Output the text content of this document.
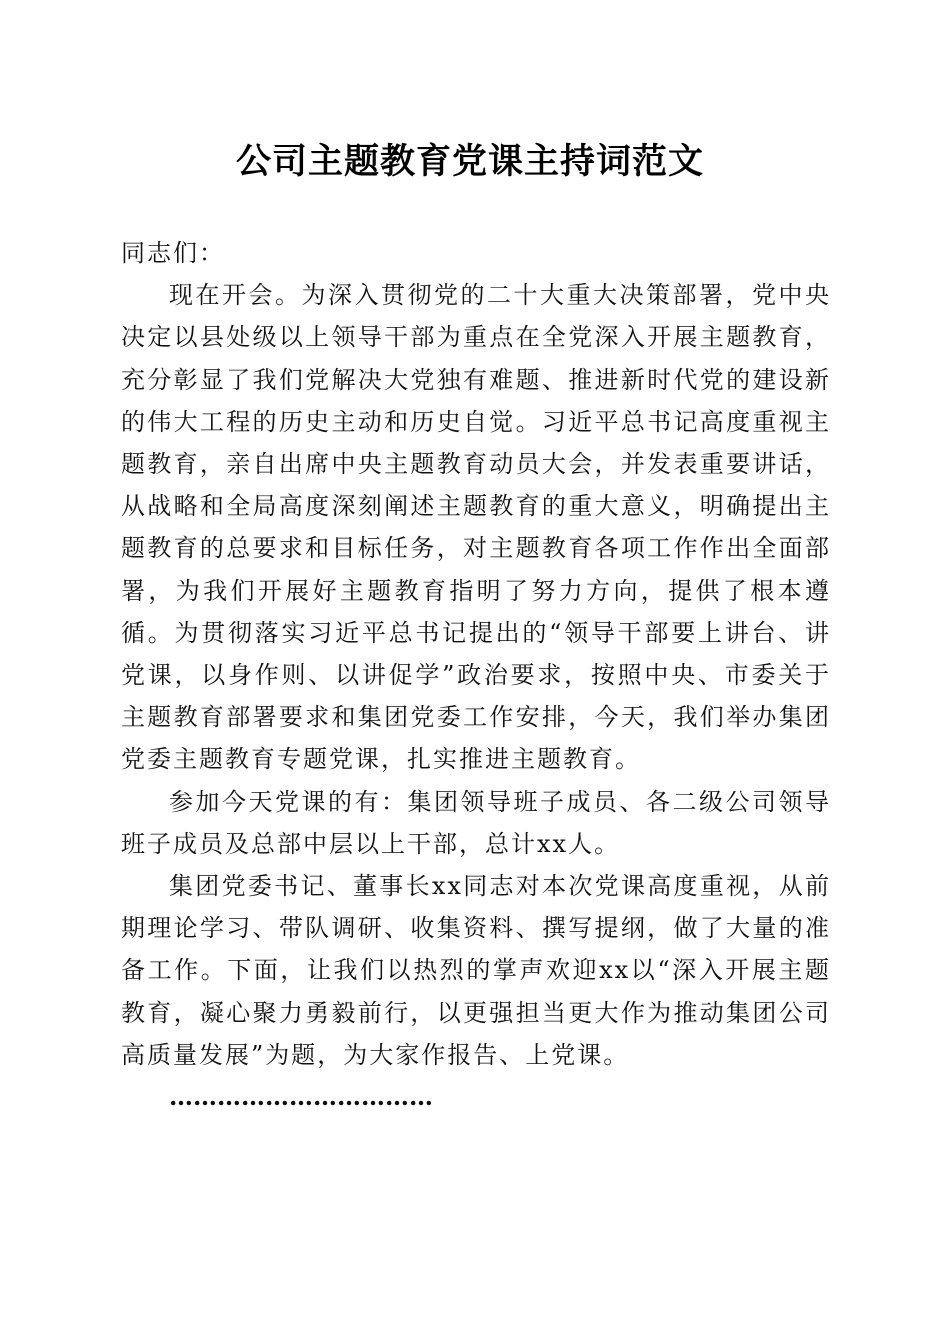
公司主题教育党课主持词范文

同志们：

现在开会。为深入贯彻党的二十大重大决策部署，党中央决定以县处级以上领导干部为重点在全党深入开展主题教育，充分彰显了我们党解决大党独有难题、推进新时代党的建设新的伟大工程的历史主动和历史自觉。习近平总书记高度重视主题教育，亲自出席中央主题教育动员大会，并发表重要讲话，从战略和全局高度深刻阐述主题教育的重大意义，明确提出主题教育的总要求和目标任务，对主题教育各项工作作出全面部署，为我们开展好主题教育指明了努力方向，提供了根本遵循。为贯彻落实习近平总书记提出的“领导干部要上讲台、讲党课，以身作则、以讲促学”政治要求，按照中央、市委关于主题教育部署要求和集团党委工作安排，今天，我们举办集团党委主题教育专题党课，扎实推进主题教育。

参加今天党课的有：集团领导班子成员、各二级公司领导班子成员及总部中层以上干部，总计xx人。

集团党委书记、董事长xx同志对本次党课高度重视，从前期理论学习、带队调研、收集资料、撰写提纲，做了大量的准备工作。下面，让我们以热烈的掌声欢迎xx以“深入开展主题教育，凝心聚力勇毅前行，以更强担当更大作为推动集团公司高质量发展”为题，为大家作报告、上党课。

……………………………
